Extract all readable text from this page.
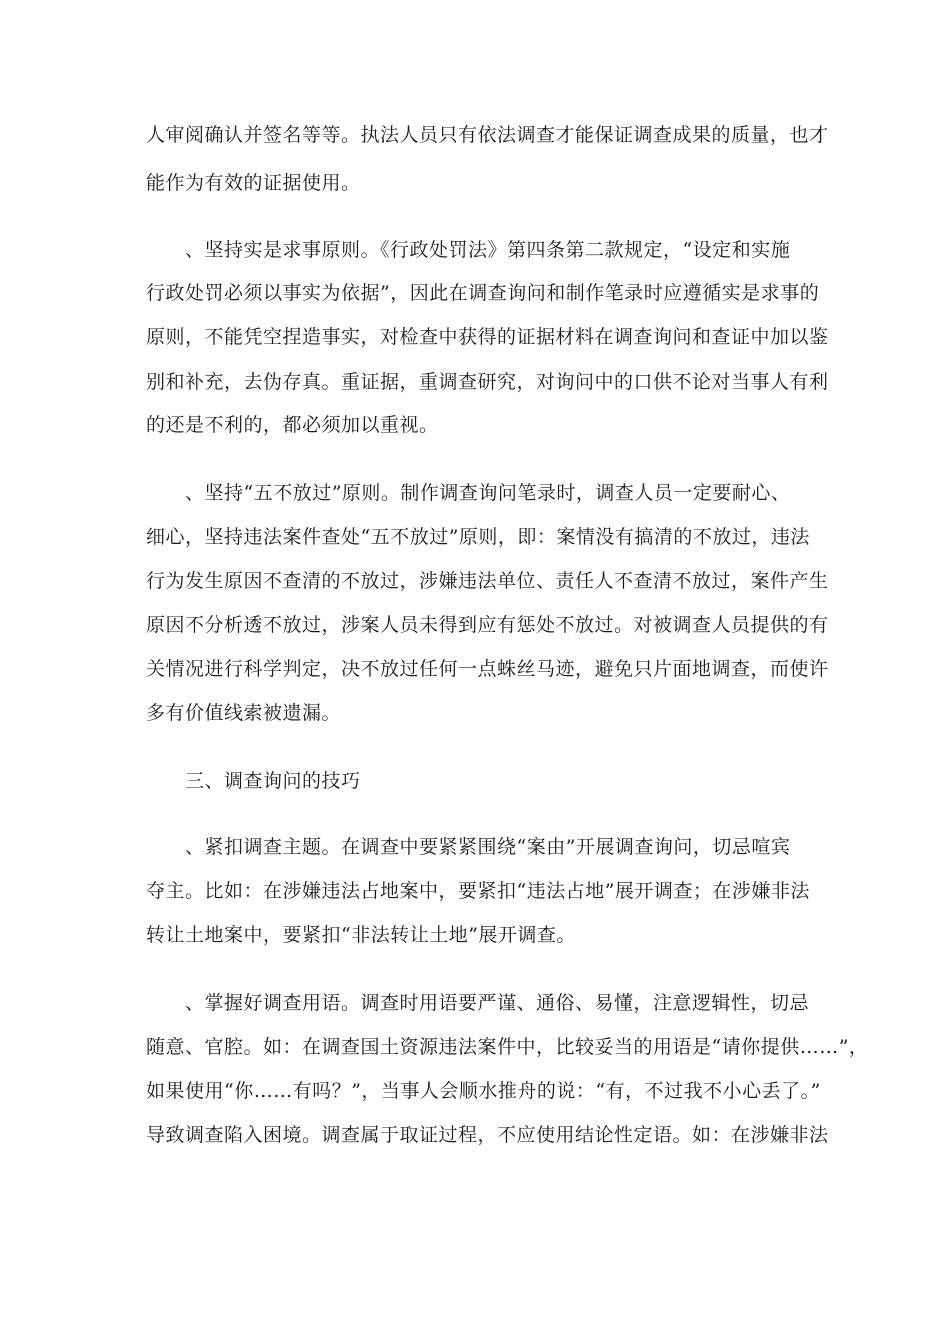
人审阅确认并签名等等。执法人员只有依法调查才能保证调查成果的质量，也才
能作为有效的证据使用。
、坚持实是求事原则。《行政处罚法》第四条第二款规定，“设定和实施
行政处罚必须以事实为依据”，因此在调查询问和制作笔录时应遵循实是求事的
原则，不能凭空捏造事实，对检查中获得的证据材料在调查询问和查证中加以鉴
别和补充，去伪存真。重证据，重调查研究，对询问中的口供不论对当事人有利
的还是不利的，都必须加以重视。
、坚持“五不放过”原则。制作调查询问笔录时，调查人员一定要耐心、
细心，坚持违法案件查处“五不放过”原则，即：案情没有搞清的不放过，违法
行为发生原因不查清的不放过，涉嫌违法单位、责任人不查清不放过，案件产生
原因不分析透不放过，涉案人员未得到应有惩处不放过。对被调查人员提供的有
关情况进行科学判定，决不放过任何一点蛛丝马迹，避免只片面地调查，而使许
多有价值线索被遗漏。
三、调查询问的技巧
、紧扣调查主题。在调查中要紧紧围绕“案由”开展调查询问，切忌喧宾
夺主。比如：在涉嫌违法占地案中，要紧扣“违法占地”展开调查；在涉嫌非法
转让土地案中，要紧扣“非法转让土地”展开调查。
、掌握好调查用语。调查时用语要严谨、通俗、易懂，注意逻辑性，切忌
随意、官腔。如：在调查国土资源违法案件中，比较妥当的用语是“请你提供……”，
如果使用“你……有吗？”，当事人会顺水推舟的说：“有，不过我不小心丢了。”
导致调查陷入困境。调查属于取证过程，不应使用结论性定语。如：在涉嫌非法
